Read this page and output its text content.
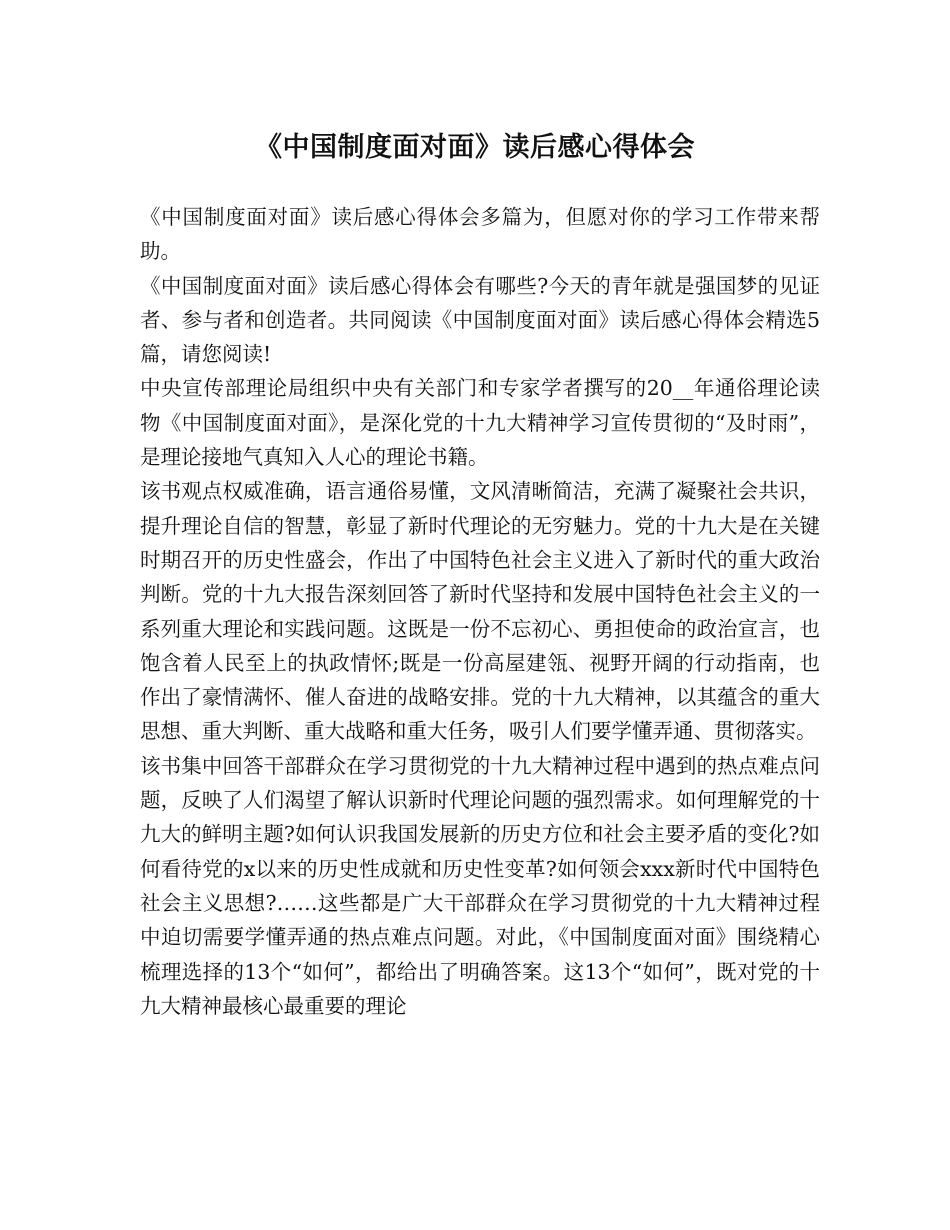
《中国制度面对面》读后感心得体会

《中国制度面对面》读后感心得体会多篇为，但愿对你的学习工作带来帮助。

《中国制度面对面》读后感心得体会有哪些?今天的青年就是强国梦的见证者、参与者和创造者。共同阅读《中国制度面对面》读后感心得体会精选5篇，请您阅读!

中央宣传部理论局组织中央有关部门和专家学者撰写的20__年通俗理论读物《中国制度面对面》，是深化党的十九大精神学习宣传贯彻的“及时雨”，是理论接地气真知入人心的理论书籍。

该书观点权威准确，语言通俗易懂，文风清晰简洁，充满了凝聚社会共识，提升理论自信的智慧，彰显了新时代理论的无穷魅力。党的十九大是在关键时期召开的历史性盛会，作出了中国特色社会主义进入了新时代的重大政治判断。党的十九大报告深刻回答了新时代坚持和发展中国特色社会主义的一系列重大理论和实践问题。这既是一份不忘初心、勇担使命的政治宣言，也饱含着人民至上的执政情怀;既是一份高屋建瓴、视野开阔的行动指南，也作出了豪情满怀、催人奋进的战略安排。党的十九大精神，以其蕴含的重大思想、重大判断、重大战略和重大任务，吸引人们要学懂弄通、贯彻落实。

该书集中回答干部群众在学习贯彻党的十九大精神过程中遇到的热点难点问题，反映了人们渴望了解认识新时代理论问题的强烈需求。如何理解党的十九大的鲜明主题?如何认识我国发展新的历史方位和社会主要矛盾的变化?如何看待党的x以来的历史性成就和历史性变革?如何领会xxx新时代中国特色社会主义思想?……这些都是广大干部群众在学习贯彻党的十九大精神过程中迫切需要学懂弄通的热点难点问题。对此，《中国制度面对面》围绕精心梳理选择的13个“如何”，都给出了明确答案。这13个“如何”，既对党的十九大精神最核心最重要的理论
